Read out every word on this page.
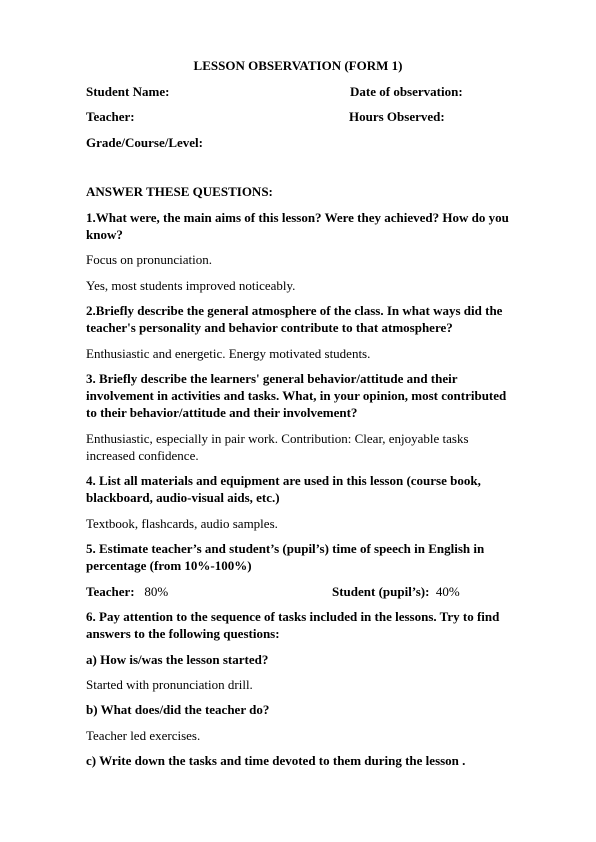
LESSON OBSERVATION (FORM 1)
Student Name:	Date of observation:
Teacher:	Hours Observed:
Grade/Course/Level:
ANSWER THESE QUESTIONS:
1.What were, the main aims of this lesson? Were they achieved? How do you
know?
Focus on pronunciation.
Yes, most students improved noticeably.
2.Briefly describe the general atmosphere of the class. In what ways did the
teacher's personality and behavior contribute to that atmosphere?
Enthusiastic and energetic. Energy motivated students.
3. Briefly describe the learners' general behavior/attitude and their
involvement in activities and tasks. What, in your opinion, most contributed
to their behavior/attitude and their involvement?
Enthusiastic, especially in pair work. Contribution: Clear, enjoyable tasks
increased confidence.
4. List all materials and equipment are used in this lesson (course book,
blackboard, audio-visual aids, etc.)
Textbook, flashcards, audio samples.
5. Estimate teacher’s and student’s (pupil’s) time of speech in English in
percentage (from 10%-100%)
Teacher: 80%	Student (pupil’s): 40%
6. Pay attention to the sequence of tasks included in the lessons. Try to find
answers to the following questions:
a) How is/was the lesson started?
Started with pronunciation drill.
b) What does/did the teacher do?
Teacher led exercises.
c) Write down the tasks and time devoted to them during the lesson .
